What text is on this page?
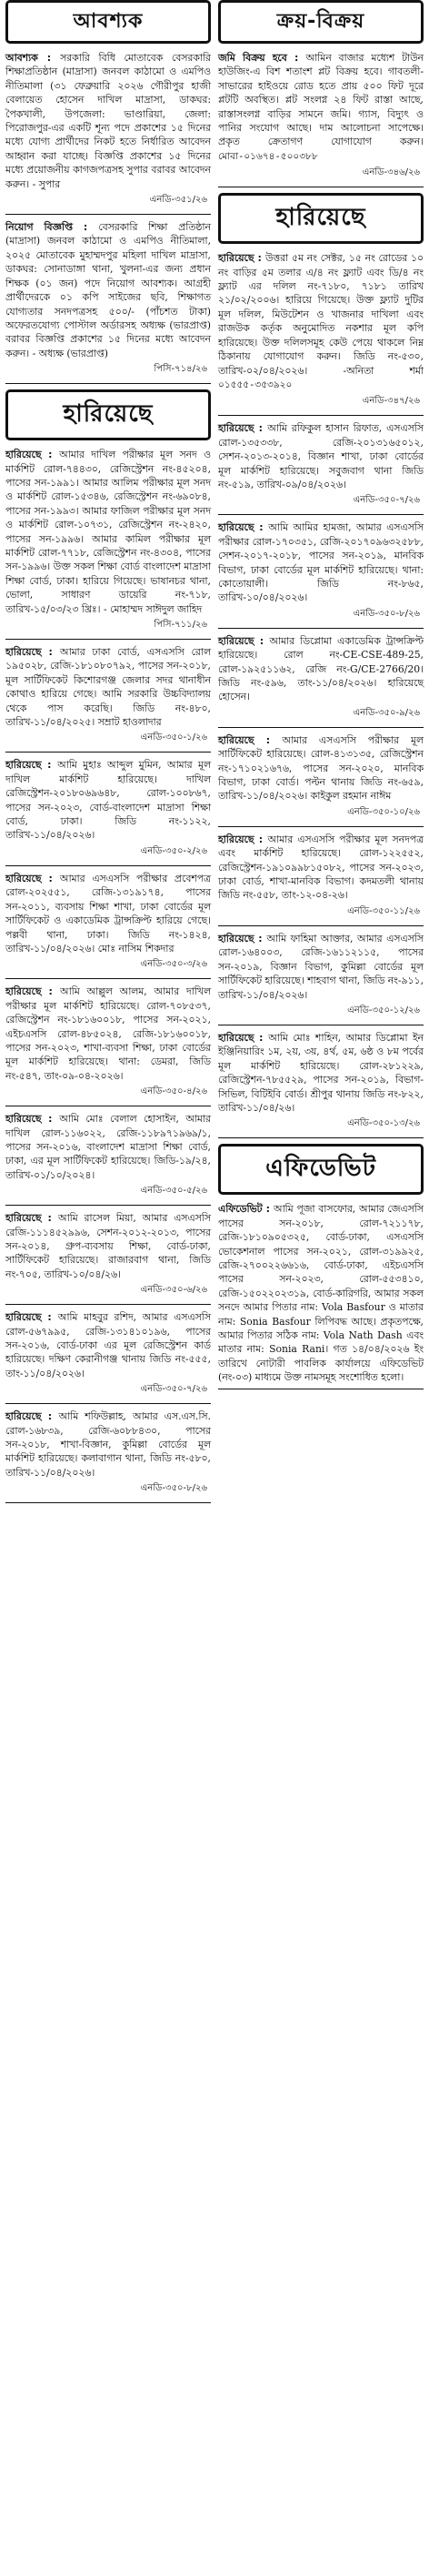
আবশ্যক

আবশ্যক : সরকারি বিধি মোতাবেক বেসরকারি শিক্ষাপ্রতিষ্ঠান (মাদ্রাসা) জনবল কাঠামো ও এমপিও নীতিমালা (৩১ ফেব্রুয়ারি ২০২৬ গৌরীপুর হাজী বেলায়েত হোসেন দাখিল মাদ্রাসা, ডাকঘর: পৈকখালী, উপজেলা: ভাণ্ডারিয়া, জেলা: পিরোজপুর-এর একটি শূন্য পদে প্রকাশের ১৫ দিনের মধ্যে যোগ্য প্রার্থীদের নিকট হতে নির্ধারিত আবেদন আহ্বান করা যাচ্ছে। বিজ্ঞপ্তি প্রকাশের ১৫ দিনের মধ্যে প্রয়োজনীয় কাগজপত্রসহ সুপার বরাবর আবেদন করুন। - সুপার

এনডি-৩৫১/২৬

নিয়োগ বিজ্ঞপ্তি : বেসরকারি শিক্ষা প্রতিষ্ঠান (মাদ্রাসা) জনবল কাঠামো ও এমপিও নীতিমালা, ২০২৫ মোতাবেক মুহাম্মদপুর মহিলা দাখিল মাদ্রাসা, ডাকঘর: সোনাডাঙ্গা থানা, খুলনা-এর জন্য প্রধান শিক্ষক (০১ জন) পদে নিয়োগ আবশ্যক। আগ্রহী প্রার্থীদেরকে ০১ কপি সাইজের ছবি, শিক্ষাগত যোগ্যতার সনদপত্রসহ ৫০০/- (পাঁচশত টাকা) অফেরতযোগ্য পোস্টাল অর্ডারসহ অধ্যক্ষ (ভারপ্রাপ্ত) বরাবর বিজ্ঞপ্তি প্রকাশের ১৫ দিনের মধ্যে আবেদন করুন। - অধ্যক্ষ (ভারপ্রাপ্ত)

পিসি-৭১৪/২৬
হারিয়েছে

হারিয়েছে : আমার দাখিল পরীক্ষার মূল সনদ ও মার্কশিট রোল-৭৪৪৩০, রেজিস্ট্রেশন নং-৪৫২০৪, পাসের সন-১৯৯১। আমার আলিম পরীক্ষার মূল সনদ ও মার্কশিট রোল-১৫৩৪৬, রেজিস্ট্রেশন নং-৬৯০৮৪, পাসের সন-১৯৯৩। আমার ফাজিল পরীক্ষার মূল সনদ ও মার্কশিট রোল-১০৭৩১, রেজিস্ট্রেশন নং-২৪২০, পাসের সন-১৯৯৬। আমার কামিল পরীক্ষার মূল মার্কশিট রোল-৭৭১৮, রেজিস্ট্রেশন নং-৪৩০৪, পাসের সন-১৯৯৬। উক্ত সকল শিক্ষা বোর্ড বাংলাদেশ মাদ্রাসা শিক্ষা বোর্ড, ঢাকা। হারিয়ে গিয়েছে। ভাষানচর থানা, ভোলা, সাধারণ ডায়েরি নং-৭১৮, তারিখ-১৫/০৩/২৩ খ্রিঃ। - মোহাম্মদ সাঈদুল জাহিদ

পিসি-৭১১/২৬

হারিয়েছে : আমার ঢাকা বোর্ড, এসএসসি রোল ১৯৫০২৮, রেজি-১৮১০৮০৭৯২, পাসের সন-২০১৮, মূল সার্টিফিকেট কিশোরগঞ্জ জেলার সদর থানাধীন কোথাও হারিয়ে গেছে। আমি সরকারি উচ্চবিদ্যালয় থেকে পাস করেছি। জিডি নং-৪৮০, তারিখ-১১/০৪/২০২৫। সম্রাট হাওলাদার

এনডি-৩৫০-১/২৬

হারিয়েছে : আমি মুহাঃ আব্দুল মুমিন, আমার মূল দাখিল মার্কশিট হারিয়েছে। দাখিল রেজিস্ট্রেশন-২০১৮০৬৯৬৪৮, রোল-১০০৮৬৭, পাসের সন-২০২৩, বোর্ড-বাংলাদেশ মাদ্রাসা শিক্ষা বোর্ড, ঢাকা। জিডি নং-১১২২, তারিখ-১১/০৪/২০২৬।

এনডি-৩৫০-২/২৬

হারিয়েছে : আমার এসএসসি পরীক্ষার প্রবেশপত্র রোল-২০২৫৫১, রেজি-১৩১৯১৭৪, পাসের সন-২০১১, ব্যবসায় শিক্ষা শাখা, ঢাকা বোর্ডের মূল সার্টিফিকেট ও একাডেমিক ট্রান্সক্রিপ্ট হারিয়ে গেছে। পল্লবী থানা, ঢাকা। জিডি নং-১৪২৪, তারিখ-১১/০৪/২০২৬। মোঃ নাসিম শিকদার

এনডি-৩৫০-৩/২৬

হারিয়েছে : আমি আল্লুল আলম, আমার দাখিল পরীক্ষার মূল মার্কশিট হারিয়েছে। রোল-৭০৮৫৩৭, রেজিস্ট্রেশন নং-১৮১৬০০১৮, পাসের সন-২০২১, এইচএসসি রোল-৪৮৫০২৪, রেজি-১৮১৬০০১৮, পাসের সন-২০২৩, শাখা-ব্যবসা শিক্ষা, ঢাকা বোর্ডের মূল মার্কশিট হারিয়েছে। থানা: ডেমরা, জিডি নং-৫৪৭, তাং-০৯-০৪-২০২৬।

এনডি-৩৫০-৪/২৬

হারিয়েছে : আমি মোঃ বেলাল হোসাইন, আমার দাখিল রোল-১১৬০২২, রেজি-১১৮৯৭১৯৬৯/১, পাসের সন-২০১৬, বাংলাদেশ মাদ্রাসা শিক্ষা বোর্ড, ঢাকা, এর মূল সার্টিফিকেট হারিয়েছে। জিডি-১৯/২৪, তারিখ-০১/১০/২০২৪।

এনডি-৩৫০-৫/২৬

হারিয়েছে : আমি রাসেল মিয়া, আমার এসএসসি রেজি-১১১৪৫২৯৯৬, সেশন-২০১২-২০১৩, পাসের সন-২০১৪, গ্রুপ-ব্যবসায় শিক্ষা, বোর্ড-ঢাকা, সার্টিফিকেট হারিয়েছে। রাজারবাগ থানা, জিডি নং-৭০৫, তারিখ-১০/০৪/২৬।

এনডি-৩৫০-৬/২৬

হারিয়েছে : আমি মাহবুর রশিদ, আমার এসএসসি রোল-৫৬৭৯৯৫, রেজি-১৩১৪১০১৯৬, পাসের সন-২০১৬, বোর্ড-ঢাকা এর মূল রেজিস্ট্রেশন কার্ড হারিয়েছে। দক্ষিণ কেরানীগঞ্জ থানায় জিডি নং-৫৫৫, তাং-১১/০৪/২০২৬।

এনডি-৩৫০-৭/২৬

হারিয়েছে : আমি শফিউল্লাহ, আমার এস.এস.সি. রোল-১৬৮৩৯, রেজি-৬০৮৮৪৩০, পাসের সন-২০১৮, শাখা-বিজ্ঞান, কুমিল্লা বোর্ডের মূল মার্কশিট হারিয়েছে। কলাবাগান থানা, জিডি নং-৫৮০, তারিখ-১১/০৪/২০২৬।

এনডি-৩৫০-৮/২৬
ক্রয়-বিক্রয়

জমি বিক্রয় হবে : আমিন বাজার মধ্যেশ টাউন হাউজিং-এ বিশ শতাংশ প্লট বিক্রয় হবে। গাবতলী-সাভারের হাইওয়ে রোড হতে প্রায় ৫০০ ফিট দূরে প্লটটি অবস্থিত। প্লট সংলগ্ন ২৪ ফিট রাস্তা আছে, রাস্তাসংলগ্ন বাড়ির সামনে জমি। গ্যাস, বিদ্যুৎ ও পানির সংযোগ আছে। দাম আলোচনা সাপেক্ষে। প্রকৃত ক্রেতাগণ যোগাযোগ করুন। মোবা-০১৬৭৪-৫০০৩৮৮

এনডি-৩৪৬/২৬
হারিয়েছে

হারিয়েছে : উত্তরা ৫ম নং সেক্টর, ১৫ নং রোডের ১০ নং বাড়ির ৫ম তলার এ/৪ নং ফ্ল্যাট এবং ডি/৪ নং ফ্ল্যাট এর দলিল নং-৭১৮০, ৭১৮১ তারিখ ২১/০২/২০০৬। হারিয়ে গিয়েছে। উক্ত ফ্ল্যাট দুটির মূল দলিল, মিউটেশন ও খাজনার দাখিলা এবং রাজউক কর্তৃক অনুমোদিত নকশার মূল কপি হারিয়েছে। উক্ত দলিলসমূহ কেউ পেয়ে থাকলে নিম্ন ঠিকানায় যোগাযোগ করুন। জিডি নং-৫৩০, তারিখ-০২/০৪/২০২৬। -অনিতা শর্মা ০১৫৫৫-৩৫৩৯২০

এনডি-৩৪৭/২৬

হারিয়েছে : আমি রফিকুল হাসান রিফাত, এসএসসি রোল-১৩৫৩৩৮, রেজি-২০১৩১৬৫০১২, সেশন-২০১৩-২০১৪, বিজ্ঞান শাখা, ঢাকা বোর্ডের মূল মার্কশিট হারিয়েছে। সবুজবাগ থানা জিডি নং-৫১৯, তারিখ-০৯/০৪/২০২৬।

এনডি-৩৫০-৭/২৬

হারিয়েছে : আমি আমির হামজা, আমার এসএসসি পরীক্ষার রোল-১৭০৩৫১, রেজি-২০১৭০৯৬৩২৫৮৮, সেশন-২০১৭-২০১৮, পাসের সন-২০১৯, মানবিক বিভাগ, ঢাকা বোর্ডের মূল মার্কশিট হারিয়েছে। থানা: কোতোয়ালী। জিডি নং-৮৬৫, তারিখ-১০/০৪/২০২৬।

এনডি-৩৫০-৮/২৬

হারিয়েছে : আমার ডিপ্লোমা একাডেমিক ট্রান্সক্রিপ্ট হারিয়েছে। রোল নং-CE-CSE-489-25, রোল-১৯২৫১১৬২, রেজি নং-G/CE-2766/20। জিডি নং-৫৯৬, তাং-১১/০৪/২০২৬। হারিয়েছে হোসেন।

এনডি-৩৫০-৯/২৬

হারিয়েছে : আমার এসএসসি পরীক্ষার মূল সার্টিফিকেট হারিয়েছে। রোল-৪১৩১৩৫, রেজিস্ট্রেশন নং-১৭১০২১৬৭৬, পাসের সন-২০২০, মানবিক বিভাগ, ঢাকা বোর্ড। পল্টন থানায় জিডি নং-৬৫৯, তারিখ-১১/০৪/২০২৬। কাইকুল রহমান নাঈম

এনডি-৩৫০-১০/২৬

হারিয়েছে : আমার এসএসসি পরীক্ষার মূল সনদপত্র এবং মার্কশিট হারিয়েছে। রোল-১২২৫৫২, রেজিস্ট্রেশন-১৯১০৯৯৮১৫০৮২, পাসের সন-২০২৩, ঢাকা বোর্ড, শাখা-মানবিক বিভাগ। কদমতলী থানায় জিডি নং-৫৫৮, তাং-১২-০৪-২৬।

এনডি-৩৫০-১১/২৬

হারিয়েছে : আমি ফাহিমা আক্তার, আমার এসএসসি রোল-১৬৪০০৩, রেজি-১৬১১২১১৫, পাসের সন-২০১৯, বিজ্ঞান বিভাগ, কুমিল্লা বোর্ডের মূল সার্টিফিকেট হারিয়েছে। শাহবাগ থানা, জিডি নং-৯১১, তারিখ-১১/০৪/২০২৬।

এনডি-৩৫০-১২/২৬

হারিয়েছে : আমি মোঃ শাহিন, আমার ডিপ্লোমা ইন ইঞ্জিনিয়ারিং ১ম, ২য়, ৩য়, ৪র্থ, ৫ম, ৬ষ্ঠ ও ৮ম পর্বের মূল মার্কশিট হারিয়েছে। রোল-২৮১২২৯, রেজিস্ট্রেশন-৭৮৫৫২৯, পাসের সন-২০১৯, বিভাগ-সিভিল, বিটিইবি বোর্ড। শ্রীপুর থানায় জিডি নং-৮২২, তারিখ-১১/০৪/২৬।

এনডি-৩৫০-১৩/২৬
এফিডেভিট

এফিডেভিট : আমি পূজা বাসফোর, আমার জেএসসি পাসের সন-২০১৮, রোল-৭২১১৭৮, রেজি-১৮১০৯০৫৩২৫, বোর্ড-ঢাকা, এসএসসি ভোকেশনাল পাসের সন-২০২১, রোল-৩১৯৯২৫, রেজি-২৭০০২২৬৬১৬, বোর্ড-ঢাকা, এইচএসসি পাসের সন-২০২৩, রোল-৫৫৩৪১০, রেজি-১৫০২২০২৩১৯, বোর্ড-কারিগরি, আমার সকল সনদে আমার পিতার নাম: Vola Basfour ও মাতার নাম: Sonia Basfour লিপিবদ্ধ আছে। প্রকৃতপক্ষে, আমার পিতার সঠিক নাম: Vola Nath Dash এবং মাতার নাম: Sonia Rani। গত ১৪/০৪/২০২৬ ইং তারিখে নোটারী পাবলিক কার্যালয়ে এফিডেভিট (নং-০৩) মাধ্যমে উক্ত নামসমূহ সংশোধিত হলো।
